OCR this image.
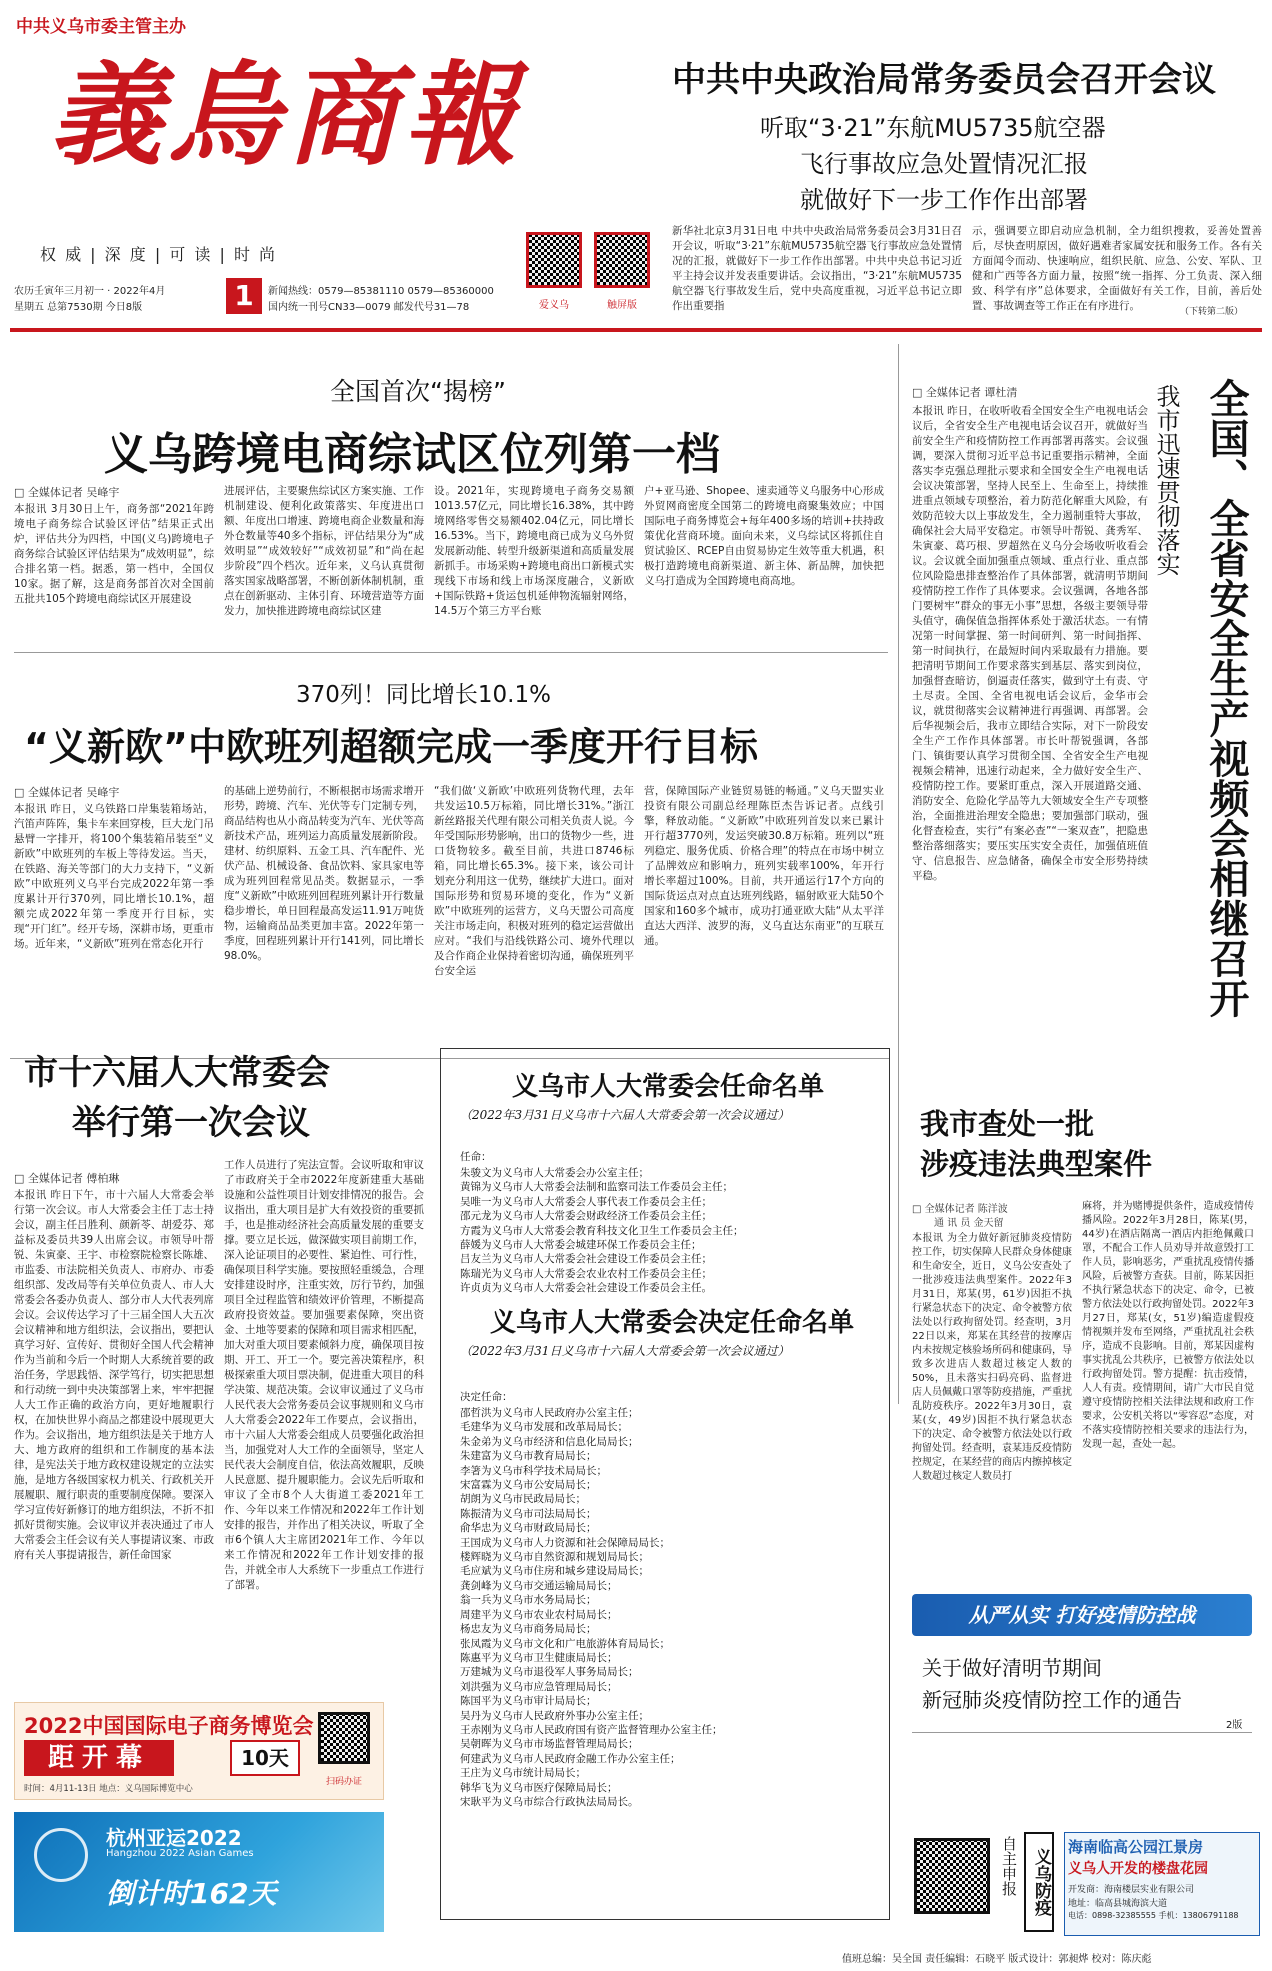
中共义乌市委主管主办
義烏商報
权 威 | 深 度 | 可 读 | 时 尚
农历壬寅年三月初一 · 2022年4月
星期五 总第7530期 今日8版	1	新闻热线：0579—85381110 0579—85360000
国内统一刊号CN33—0079 邮发代号31—78	爱义乌	触屏版
中共中央政治局常务委员会召开会议
听取“3·21”东航MU5735航空器
飞行事故应急处置情况汇报
就做好下一步工作作出部署
新华社北京3月31日电 中共中央政治局常务委员会3月31日召开会议，听取“3·21”东航MU5735航空器飞行事故应急处置情况的汇报，就做好下一步工作作出部署。中共中央总书记习近平主持会议并发表重要讲话。会议指出，“3·21”东航MU5735航空器飞行事故发生后，党中央高度重视，习近平总书记立即作出重要指
示，强调要立即启动应急机制，全力组织搜救，妥善处置善后，尽快查明原因，做好遇难者家属安抚和服务工作。各有关方面闻令而动、快速响应，组织民航、应急、公安、军队、卫健和广西等各方面力量，按照“统一指挥、分工负责、深入细致、科学有序”总体要求，全面做好有关工作，目前，善后处置、事故调查等工作正在有序进行。	（下转第二版）
全国首次“揭榜”
义乌跨境电商综试区位列第一档
□ 全媒体记者 吴峰宇
本报讯 3月30日上午，商务部“2021年跨境电子商务综合试验区评估”结果正式出炉，评估共分为四档，中国(义乌)跨境电子商务综合试验区评估结果为“成效明显”，综合排名第一档。据悉，第一档中，全国仅10家。据了解，这是商务部首次对全国前五批共105个跨境电商综试区开展建设
进展评估，主要聚焦综试区方案实施、工作机制建设、便利化政策落实、年度进出口额、年度出口增速、跨境电商企业数量和海外仓数量等40多个指标，评估结果分为“成效明显”“成效较好”“成效初显”和“尚在起步阶段”四个档次。近年来，义乌认真贯彻落实国家战略部署，不断创新体制机制，重点在创新驱动、主体引育、环境营造等方面发力，加快推进跨境电商综试区建
设。2021年，实现跨境电子商务交易额1013.57亿元，同比增长16.38%，其中跨境网络零售交易额402.04亿元，同比增长16.53%。当下，跨境电商已成为义乌外贸发展新动能、转型升级新渠道和高质量发展新抓手。市场采购+跨境电商出口新模式实现线下市场和线上市场深度融合，义新欧+国际铁路+货运包机延伸物流辐射网络，14.5万个第三方平台账
户+亚马逊、Shopee、速卖通等义乌服务中心形成外贸网商密度全国第二的跨境电商聚集效应；中国国际电子商务博览会+每年400多场的培训+扶持政策优化营商环境。面向未来，义乌综试区将抓住自贸试验区、RCEP自由贸易协定生效等重大机遇，积极打造跨境电商新渠道、新主体、新品牌，加快把义乌打造成为全国跨境电商高地。
370列！同比增长10.1%
“义新欧”中欧班列超额完成一季度开行目标
□ 全媒体记者 吴峰宇
本报讯 昨日，义乌铁路口岸集装箱场站，汽笛声阵阵，集卡车来回穿梭，巨大龙门吊悬臂一字排开，将100个集装箱吊装至“义新欧”中欧班列的车板上等待发运。当天，在铁路、海关等部门的大力支持下，“义新欧”中欧班列义乌平台完成2022年第一季度累计开行370列，同比增长10.1%，超额完成2022年第一季度开行目标，实现“开门红”。经开专场，深耕市场，更重市场。近年来，“义新欧”班列在常态化开行
的基础上逆势前行，不断根据市场需求增开形势，跨境、汽车、光伏等专门定制专列，商品结构也从小商品转变为汽车、光伏等高新技术产品，班列运力高质量发展新阶段。建材、纺织原料、五金工具、汽车配件、光伏产品、机械设备、食品饮料、家具家电等成为班列回程常见品类。数据显示，一季度“义新欧”中欧班列回程班列累计开行数量稳步增长，单日回程最高发运11.91万吨货物，运输商品品类更加丰富。2022年第一季度，回程班列累计开行141列，同比增长98.0%。
“我们做‘义新欧’中欧班列货物代理，去年共发运10.5万标箱，同比增长31%。”浙江新丝路报关代理有限公司相关负责人说。今年受国际形势影响，出口的货物少一些，进口货物较多。截至目前，共进口8746标箱，同比增长65.3%。接下来，该公司计划充分利用这一优势，继续扩大进口。面对国际形势和贸易环境的变化，作为“义新欧”中欧班列的运营方，义乌天盟公司高度关注市场走向，积极对班列的稳定运营做出应对。“我们与沿线铁路公司、境外代理以及合作商企业保持着密切沟通，确保班列平台安全运
营，保障国际产业链贸易链的畅通。”义乌天盟实业投资有限公司副总经理陈臣杰告诉记者。点线引擎，释放动能。“义新欧”中欧班列首发以来已累计开行超3770列，发运突破30.8万标箱。班列以“班列稳定、服务优质、价格合理”的特点在市场中树立了品牌效应和影响力，班列实载率100%，年开行增长率超过100%。目前，共开通运行17个方向的国际货运点对点直达班列线路，辐射欧亚大陆50个国家和160多个城市，成功打通亚欧大陆“从太平洋直达大西洋、波罗的海，义乌直达东南亚”的互联互通。
□ 全媒体记者 谭杜清
本报讯 昨日，在收听收看全国安全生产电视电话会议后，全省安全生产电视电话会议召开，就做好当前安全生产和疫情防控工作再部署再落实。会议强调，要深入贯彻习近平总书记重要指示精神，全面落实李克强总理批示要求和全国安全生产电视电话会议决策部署，坚持人民至上、生命至上，持续推进重点领域专项整治，着力防范化解重大风险，有效防范较大以上事故发生，全力遏制重特大事故，确保社会大局平安稳定。市领导叶帮锐、龚秀军、朱寅豪、葛巧根、罗超然在义乌分会场收听收看会议。会议就全面加强重点领域、重点行业、重点部位风险隐患排查整治作了具体部署，就清明节期间疫情防控工作作了具体要求。会议强调，各地各部门要树牢“群众的事无小事”思想，各级主要领导带头值守，确保值急指挥体系处于激活状态。一有情况第一时间掌握、第一时间研判、第一时间指挥、第一时间执行，在最短时间内采取最有力措施。要把清明节期间工作要求落实到基层、落实到岗位，加强督查暗访，倒逼责任落实，做到守土有责、守土尽责。全国、全省电视电话会议后，金华市会议，就贯彻落实会议精神进行再强调、再部署。会后华视频会后，我市立即结合实际，对下一阶段安全生产工作作具体部署。市长叶帮锐强调，各部门、镇街要认真学习贯彻全国、全省安全生产电视视频会精神，迅速行动起来，全力做好安全生产、疫情防控工作。要紧盯重点，深入开展道路交通、消防安全、危险化学品等九大领域安全生产专项整治，全面推进治理安全隐患；要加强部门联动，强化督查检查，实行“有案必查”“一案双查”，把隐患整治落细落实；要压实压实安全责任，加强值班值守、信息报告、应急储备，确保全市安全形势持续平稳。
我市迅速贯彻落实 全国、全省安全生产视频会相继召开
市十六届人大常委会
举行第一次会议
□ 全媒体记者 傅柏琳
本报讯 昨日下午，市十六届人大常委会举行第一次会议。市人大常委会主任丁志士持会议，副主任吕胜利、颜新苓、胡爱芬、郑益标及委员共39人出席会议。市领导叶帮锐、朱寅豪、王宇、市检察院检察长陈雄、市监委、市法院相关负责人、市府办、市委组织部、发改局等有关单位负责人、市人大常委会各委办负责人、部分市人大代表列席会议。会议传达学习了十三届全国人大五次会议精神和地方组织法，会议指出，要把认真学习好、宣传好、贯彻好全国人代会精神作为当前和今后一个时期人大系统首要的政治任务，学思践悟、深学笃行，切实把思想和行动统一到中央决策部署上来，牢牢把握人大工作正确的政治方向，更好地履职行权，在加快世界小商品之都建设中展现更大作为。会议指出，地方组织法是关于地方人大、地方政府的组织和工作制度的基本法律，是宪法关于地方政权建设规定的立法实施，是地方各级国家权力机关、行政机关开展履职、履行职责的重要制度保障。要深入学习宣传好新修订的地方组织法，不折不扣抓好贯彻实施。会议审议并表决通过了市人大常委会主任会议有关人事提请议案、市政府有关人事提请报告，新任命国家
工作人员进行了宪法宣誓。会议听取和审议了市政府关于全市2022年度新建重大基础设施和公益性项目计划安排情况的报告。会议指出，重大项目是扩大有效投资的重要抓手，也是推动经济社会高质量发展的重要支撑。要立足长远，做深做实项目前期工作，深入论证项目的必要性、紧迫性、可行性，确保项目科学实施。要按照轻重缓急，合理安排建设时序，注重实效，厉行节约，加强项目全过程监管和绩效评价管理，不断提高政府投资效益。要加强要素保障，突出资金、土地等要素的保障和项目需求相匹配，加大对重大项目要素倾斜力度，确保项目按期、开工、开工一个。要完善决策程序，积极探索重大项目票决制，促进重大项目的科学决策、规范决策。会议审议通过了义乌市人民代表大会常务委员会议事规则和义乌市人大常委会2022年工作要点，会议指出，市十六届人大常委会组成人员要强化政治担当，加强党对人大工作的全面领导，坚定人民代表大会制度自信，依法高效履职，反映人民意愿、提升履职能力。会议先后听取和审议了全市8个人大街道工委2021年工作、今年以来工作情况和2022年工作计划安排的报告，并作出了相关决议，听取了全市6个镇人大主席团2021年工作、今年以来工作情况和2022年工作计划安排的报告，并就全市人大系统下一步重点工作进行了部署。
义乌市人大常委会任命名单
（2022年3月31日义乌市十六届人大常委会第一次会议通过）
任命：
朱骏文为义乌市人大常委会办公室主任；
黄锦为义乌市人大常委会法制和监察司法工作委员会主任；
吴唯一为义乌市人大常委会人事代表工作委员会主任；
邵元龙为义乌市人大常委会财政经济工作委员会主任；
方霞为义乌市人大常委会教育科技文化卫生工作委员会主任；
薛媛为义乌市人大常委会城建环保工作委员会主任；
吕友兰为义乌市人大常委会社会建设工作委员会主任；
陈瑞光为义乌市人大常委会农业农村工作委员会主任；
许贞贞为义乌市人大常委会社会建设工作委员会主任。
义乌市人大常委会决定任命名单
（2022年3月31日义乌市十六届人大常委会第一次会议通过）
决定任命：
邵哲洪为义乌市人民政府办公室主任；
毛建华为义乌市发展和改革局局长；
朱金弟为义乌市经济和信息化局局长；
朱建富为义乌市教育局局长；
李箸为义乌市科学技术局局长；
宋富霖为义乌市公安局局长；
胡朗为义乌市民政局局长；
陈振清为义乌市司法局局长；
俞华忠为义乌市财政局局长；
王国成为义乌市人力资源和社会保障局局长；
楼辉晓为义乌市自然资源和规划局局长；
毛应斌为义乌市住房和城乡建设局局长；
龚剑峰为义乌市交通运输局局长；
翁一兵为义乌市水务局局长；
周建平为义乌市农业农村局局长；
杨忠友为义乌市商务局局长；
张凤霞为义乌市文化和广电旅游体育局局长；
陈惠平为义乌市卫生健康局局长；
万建城为义乌市退役军人事务局局长；
刘洪强为义乌市应急管理局局长；
陈国平为义乌市审计局局长；
吴丹为义乌市人民政府外事办公室主任；
王赤刚为义乌市人民政府国有资产监督管理办公室主任；
吴朝晖为义乌市市场监督管理局局长；
何建武为义乌市人民政府金融工作办公室主任；
王庄为义乌市统计局局长；
韩华飞为义乌市医疗保障局局长；
宋耿平为义乌市综合行政执法局局长。
我市查处一批
涉疫违法典型案件
□ 全媒体记者 陈洋波
通 讯 员 金天留
本报讯 为全力做好新冠肺炎疫情防控工作，切实保障人民群众身体健康和生命安全，近日，义乌公安查处了一批涉疫违法典型案件。2022年3月31日，郑某(男，61岁)因拒不执行紧急状态下的决定、命令被警方依法处以行政拘留处罚。经查明，3月22日以来，郑某在其经营的按摩店内未按规定核验场所码和健康码，导致多次进店人数超过核定人数的50%，且未落实扫码亮码、监督进店人员佩戴口罩等防疫措施，严重扰乱防疫秩序。2022年3月30日，袁某(女，49岁)因拒不执行紧急状态下的决定、命令被警方依法处以行政拘留处罚。经查明，袁某违反疫情防控规定，在某经营的商店内擦掉核定人数超过核定人数员打
麻将，并为赌博提供条件，造成疫情传播风险。2022年3月28日，陈某(男，44岁)在酒店隔离一酒店内拒绝佩戴口罩，不配合工作人员劝导并故意毁打工作人员，影响恶劣，严重扰乱疫情传播风险，后被警方查获。目前，陈某因拒不执行紧急状态下的决定、命令，已被警方依法处以行政拘留处罚。2022年3月27日，郑某(女，51岁)编造虚假疫情视频并发布至网络，严重扰乱社会秩序，造成不良影响。目前，郑某因虚构事实扰乱公共秩序，已被警方依法处以行政拘留处罚。警方提醒：抗击疫情，人人有责。疫情期间，请广大市民自觉遵守疫情防控相关法律法规和政府工作要求，公安机关将以“零容忍”态度，对不落实疫情防控相关要求的违法行为，发现一起，查处一起。
从严从实 打好疫情防控战
关于做好清明节期间
新冠肺炎疫情防控工作的通告
2版
2022中国国际电子商务博览会
距开幕	10天
时间：4月11-13日 地点：义乌国际博览中心
扫码办证
杭州亚运2022
Hangzhou 2022 Asian Games
倒计时162天	自主申报 义乌防疫
海南临高公园江景房
义乌人开发的楼盘花园
开发商：海南楼层实业有限公司
地址：临高县城海滨大道
电话：0898-32385555 手机：13806791188
值班总编：吴全国 责任编辑：石晓平 版式设计：郭昶烨 校对：陈庆彪
